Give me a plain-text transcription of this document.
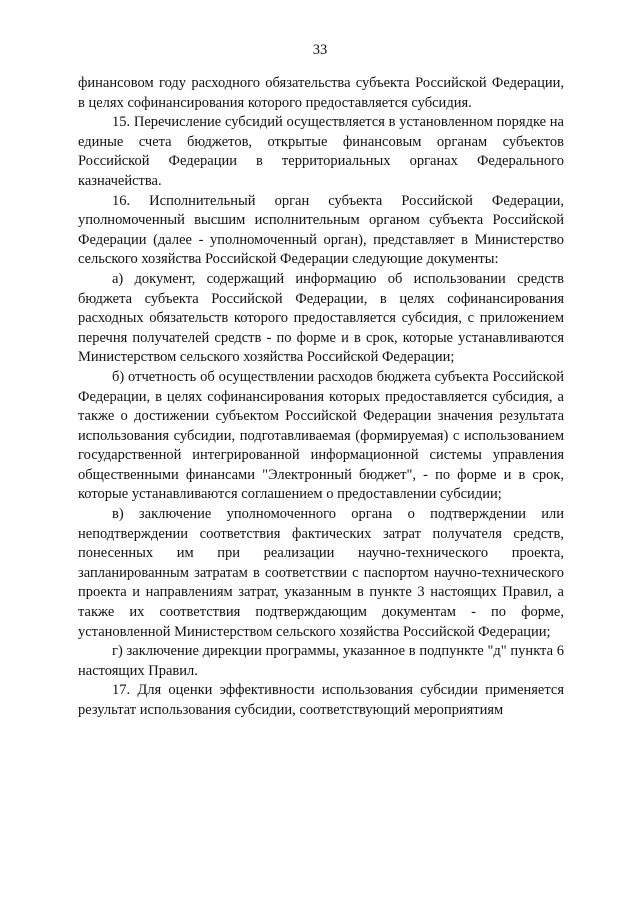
33

финансовом году расходного обязательства субъекта Российской Федерации, в целях софинансирования которого предоставляется субсидия.

15. Перечисление субсидий осуществляется в установленном порядке на единые счета бюджетов, открытые финансовым органам субъектов Российской Федерации в территориальных органах Федерального казначейства.

16. Исполнительный орган субъекта Российской Федерации, уполномоченный высшим исполнительным органом субъекта Российской Федерации (далее - уполномоченный орган), представляет в Министерство сельского хозяйства Российской Федерации следующие документы:

а) документ, содержащий информацию об использовании средств бюджета субъекта Российской Федерации, в целях софинансирования расходных обязательств которого предоставляется субсидия, с приложением перечня получателей средств - по форме и в срок, которые устанавливаются Министерством сельского хозяйства Российской Федерации;

б) отчетность об осуществлении расходов бюджета субъекта Российской Федерации, в целях софинансирования которых предоставляется субсидия, а также о достижении субъектом Российской Федерации значения результата использования субсидии, подготавливаемая (формируемая) с использованием государственной интегрированной информационной системы управления общественными финансами "Электронный бюджет", - по форме и в срок, которые устанавливаются соглашением о предоставлении субсидии;

в) заключение уполномоченного органа о подтверждении или неподтверждении соответствия фактических затрат получателя средств, понесенных им при реализации научно-технического проекта, запланированным затратам в соответствии с паспортом научно-технического проекта и направлениям затрат, указанным в пункте 3 настоящих Правил, а также их соответствия подтверждающим документам - по форме, установленной Министерством сельского хозяйства Российской Федерации;

г) заключение дирекции программы, указанное в подпункте "д" пункта 6 настоящих Правил.

17. Для оценки эффективности использования субсидии применяется результат использования субсидии, соответствующий мероприятиям
